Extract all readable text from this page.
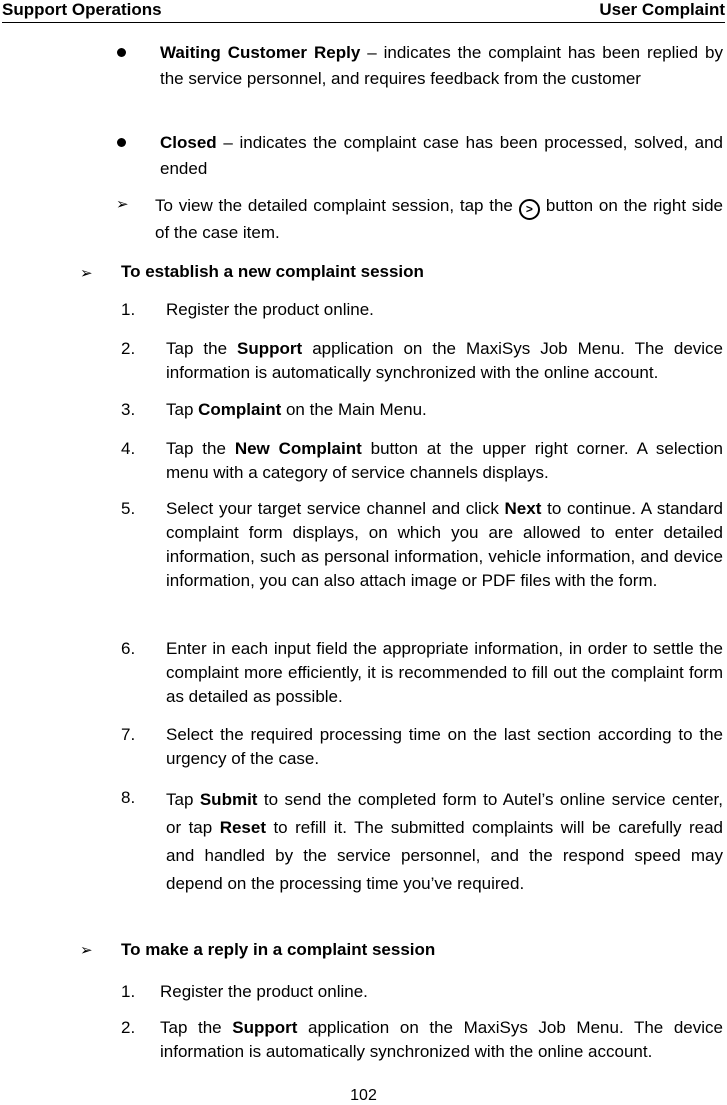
Support Operations	User Complaint
Waiting Customer Reply – indicates the complaint has been replied by the service personnel, and requires feedback from the customer
Closed – indicates the complaint case has been processed, solved, and ended
➢ To view the detailed complaint session, tap the > button on the right side of the case item.
➢ To establish a new complaint session
1. Register the product online.
2. Tap the Support application on the MaxiSys Job Menu. The device information is automatically synchronized with the online account.
3. Tap Complaint on the Main Menu.
4. Tap the New Complaint button at the upper right corner. A selection menu with a category of service channels displays.
5. Select your target service channel and click Next to continue. A standard complaint form displays, on which you are allowed to enter detailed information, such as personal information, vehicle information, and device information, you can also attach image or PDF files with the form.
6. Enter in each input field the appropriate information, in order to settle the complaint more efficiently, it is recommended to fill out the complaint form as detailed as possible.
7. Select the required processing time on the last section according to the urgency of the case.
8. Tap Submit to send the completed form to Autel’s online service center, or tap Reset to refill it. The submitted complaints will be carefully read and handled by the service personnel, and the respond speed may depend on the processing time you’ve required.
➢ To make a reply in a complaint session
1. Register the product online.
2. Tap the Support application on the MaxiSys Job Menu. The device information is automatically synchronized with the online account.
102
